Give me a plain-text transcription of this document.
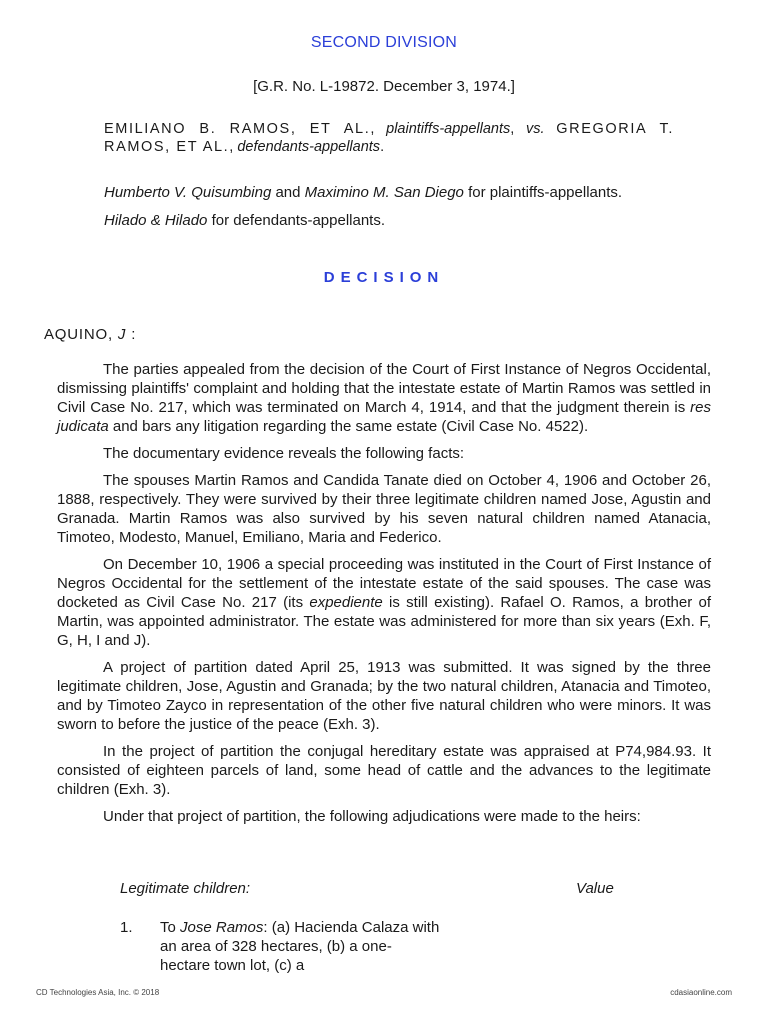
SECOND DIVISION
[G.R. No. L-19872. December 3, 1974.]
EMILIANO B. RAMOS, ET AL., plaintiffs-appellants, vs. GREGORIA T. RAMOS, ET AL., defendants-appellants.
Humberto V. Quisumbing and Maximino M. San Diego for plaintiffs-appellants.
Hilado & Hilado for defendants-appellants.
DECISION
AQUINO, J :

The parties appealed from the decision of the Court of First Instance of Negros Occidental, dismissing plaintiffs' complaint and holding that the intestate estate of Martin Ramos was settled in Civil Case No. 217, which was terminated on March 4, 1914, and that the judgment therein is res judicata and bars any litigation regarding the same estate (Civil Case No. 4522).

The documentary evidence reveals the following facts:

The spouses Martin Ramos and Candida Tanate died on October 4, 1906 and October 26, 1888, respectively. They were survived by their three legitimate children named Jose, Agustin and Granada. Martin Ramos was also survived by his seven natural children named Atanacia, Timoteo, Modesto, Manuel, Emiliano, Maria and Federico.

On December 10, 1906 a special proceeding was instituted in the Court of First Instance of Negros Occidental for the settlement of the intestate estate of the said spouses. The case was docketed as Civil Case No. 217 (its expediente is still existing). Rafael O. Ramos, a brother of Martin, was appointed administrator. The estate was administered for more than six years (Exh. F, G, H, I and J).

A project of partition dated April 25, 1913 was submitted. It was signed by the three legitimate children, Jose, Agustin and Granada; by the two natural children, Atanacia and Timoteo, and by Timoteo Zayco in representation of the other five natural children who were minors. It was sworn to before the justice of the peace (Exh. 3).

In the project of partition the conjugal hereditary estate was appraised at P74,984.93. It consisted of eighteen parcels of land, some head of cattle and the advances to the legitimate children (Exh. 3).

Under that project of partition, the following adjudications were made to the heirs:

Legitimate children:	Value
1. To Jose Ramos: (a) Hacienda Calaza with an area of 328 hectares, (b) a one-hectare town lot, (c) a
CD Technologies Asia, Inc. © 2018	cdasiaonline.com
